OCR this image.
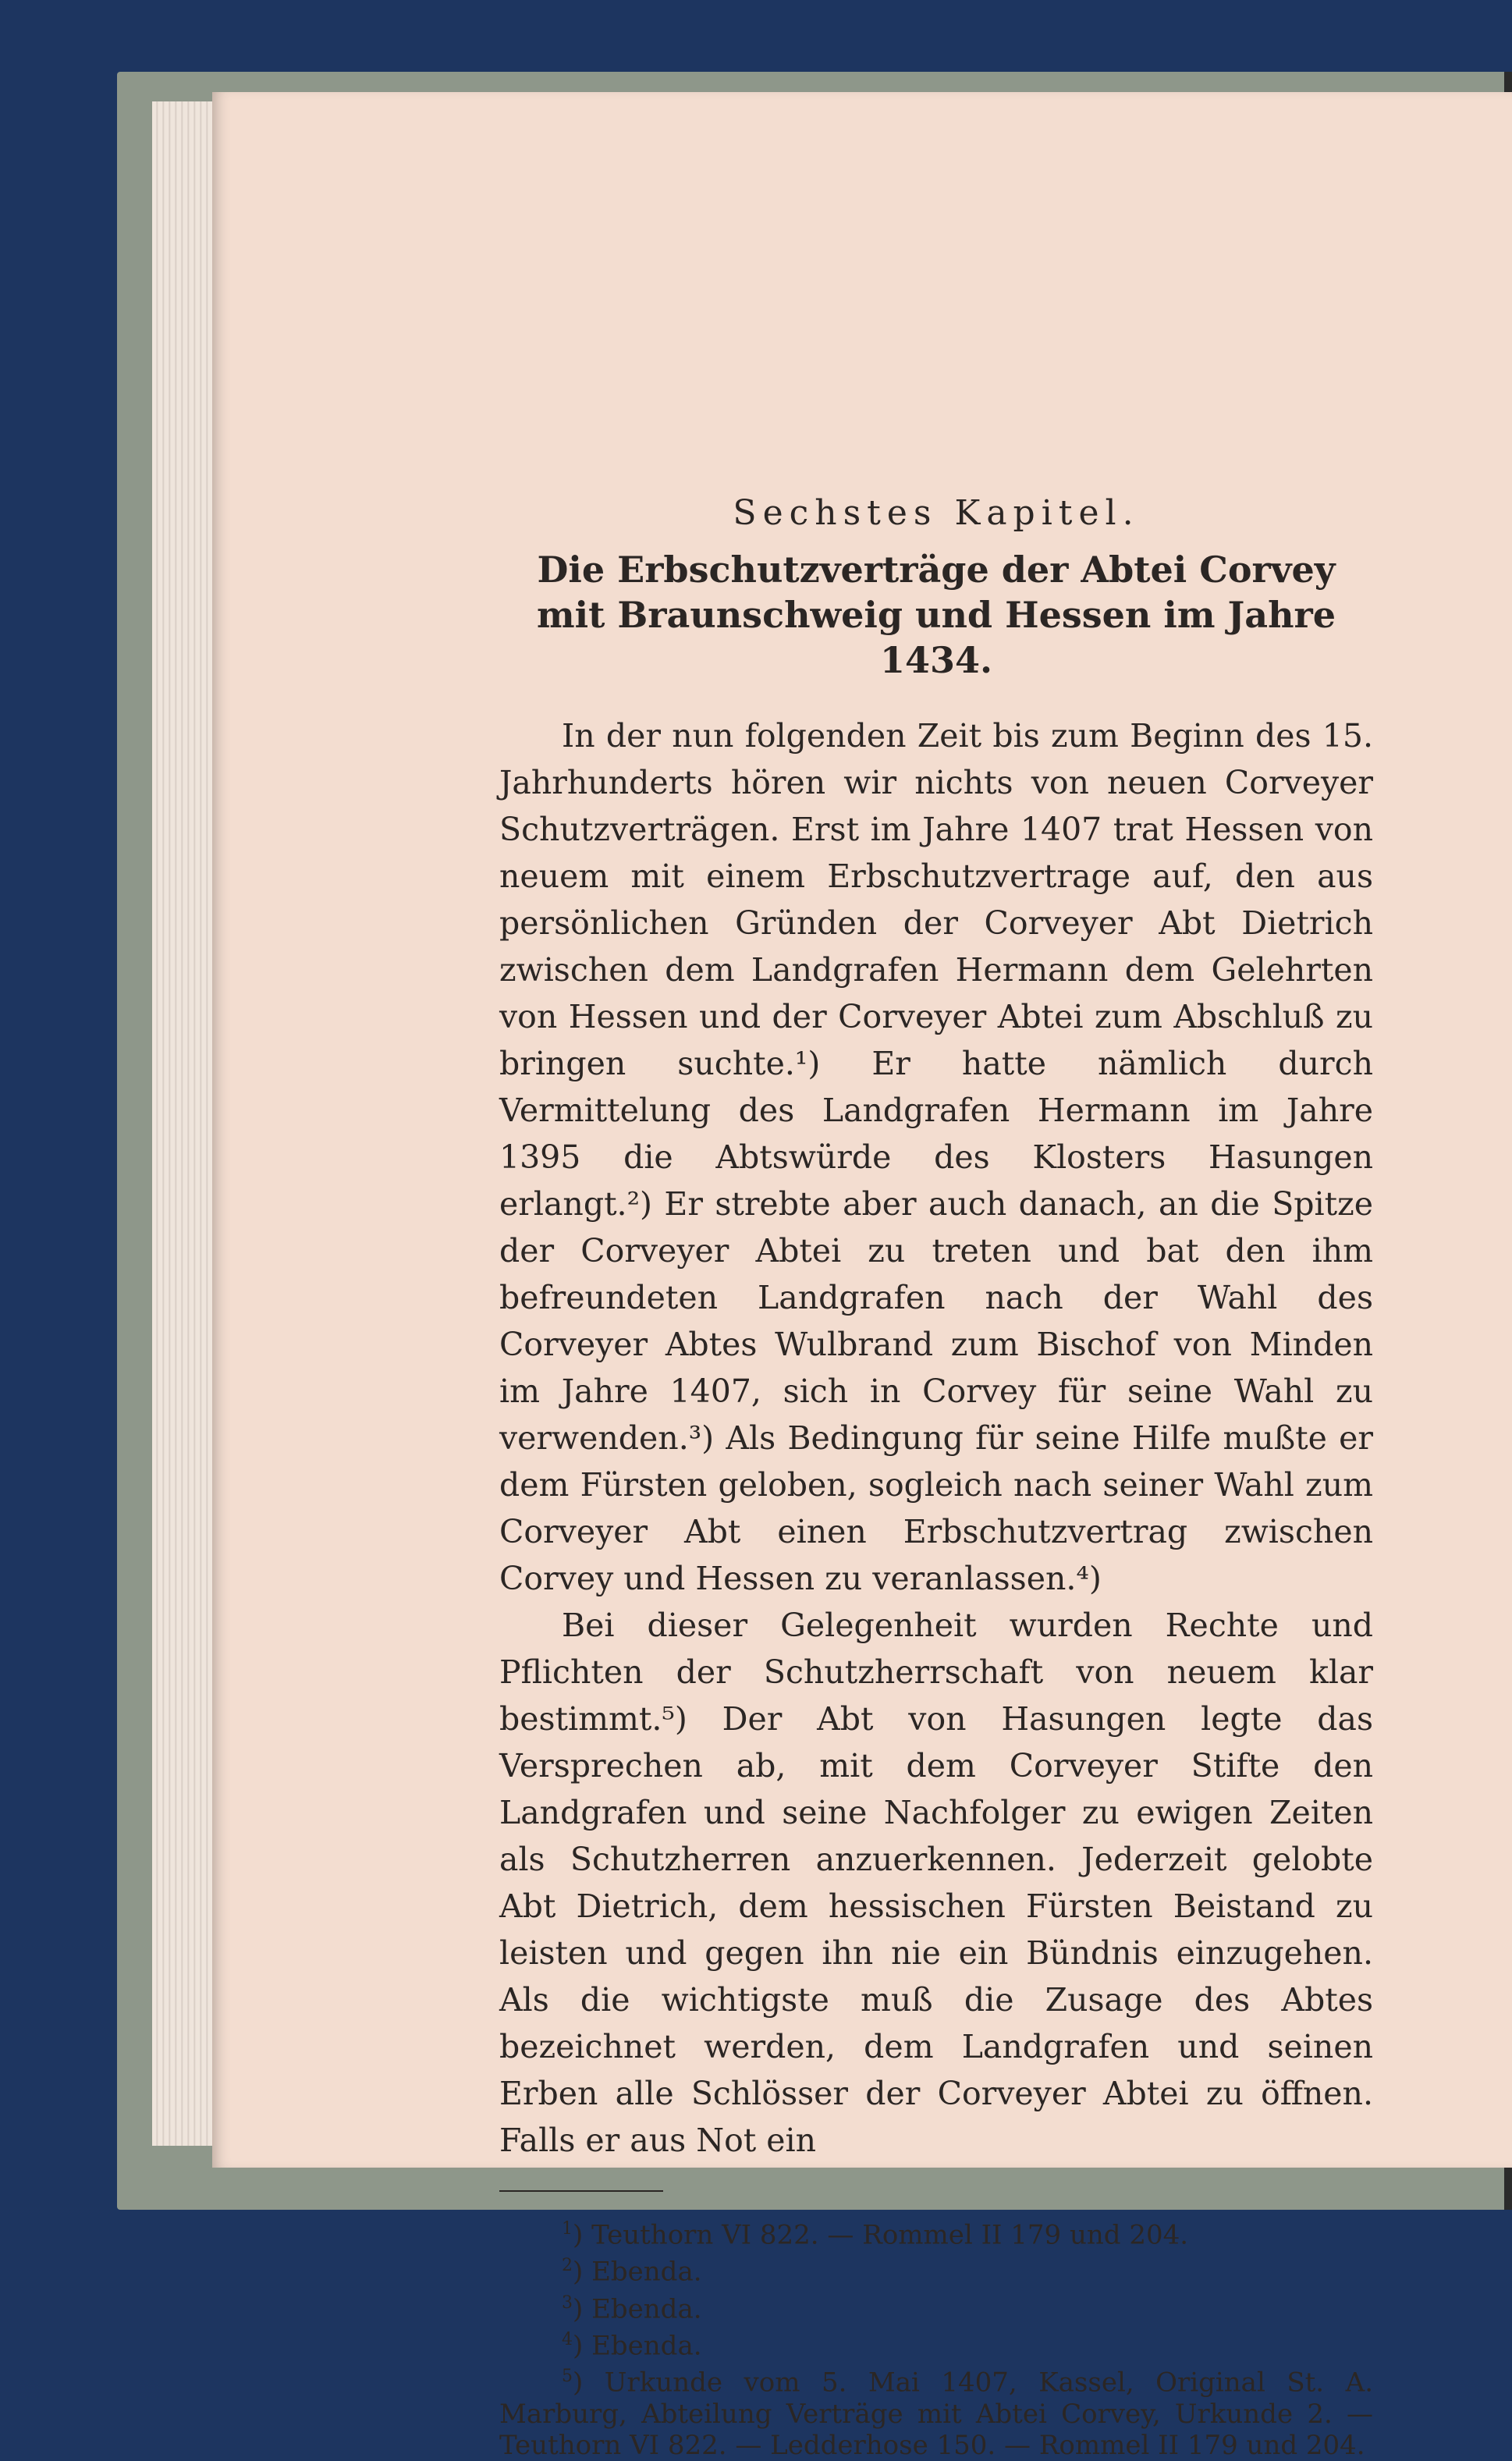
Sechstes Kapitel.
Die Erbschutzverträge der Abtei Corvey mit Braunschweig und Hessen im Jahre 1434.

In der nun folgenden Zeit bis zum Beginn des 15. Jahrhunderts hören wir nichts von neuen Corveyer Schutzverträgen. Erst im Jahre 1407 trat Hessen von neuem mit einem Erbschutzvertrage auf, den aus persönlichen Gründen der Corveyer Abt Dietrich zwischen dem Landgrafen Hermann dem Gelehrten von Hessen und der Corveyer Abtei zum Abschluß zu bringen suchte.¹) Er hatte nämlich durch Vermittelung des Landgrafen Hermann im Jahre 1395 die Abtswürde des Klosters Hasungen erlangt.²) Er strebte aber auch danach, an die Spitze der Corveyer Abtei zu treten und bat den ihm befreundeten Landgrafen nach der Wahl des Corveyer Abtes Wulbrand zum Bischof von Minden im Jahre 1407, sich in Corvey für seine Wahl zu verwenden.³) Als Bedingung für seine Hilfe mußte er dem Fürsten geloben, sogleich nach seiner Wahl zum Corveyer Abt einen Erbschutzvertrag zwischen Corvey und Hessen zu veranlassen.⁴)

Bei dieser Gelegenheit wurden Rechte und Pflichten der Schutzherrschaft von neuem klar bestimmt.⁵) Der Abt von Hasungen legte das Versprechen ab, mit dem Corveyer Stifte den Landgrafen und seine Nachfolger zu ewigen Zeiten als Schutzherren anzuerkennen. Jederzeit gelobte Abt Dietrich, dem hessischen Fürsten Beistand zu leisten und gegen ihn nie ein Bündnis einzugehen. Als die wichtigste muß die Zusage des Abtes bezeichnet werden, dem Landgrafen und seinen Erben alle Schlösser der Corveyer Abtei zu öffnen. Falls er aus Not ein

$^1$) Teuthorn VI 822. — Rommel II 179 und 204.

$^2$) Ebenda.

$^3$) Ebenda.

$^4$) Ebenda.

$^5$) Urkunde vom 5. Mai 1407, Kassel, Original St. A. Marburg, Abteilung Verträge mit Abtei Corvey, Urkunde 2. — Teuthorn VI 822. — Ledderhose 150. — Rommel II 179 und 204.
